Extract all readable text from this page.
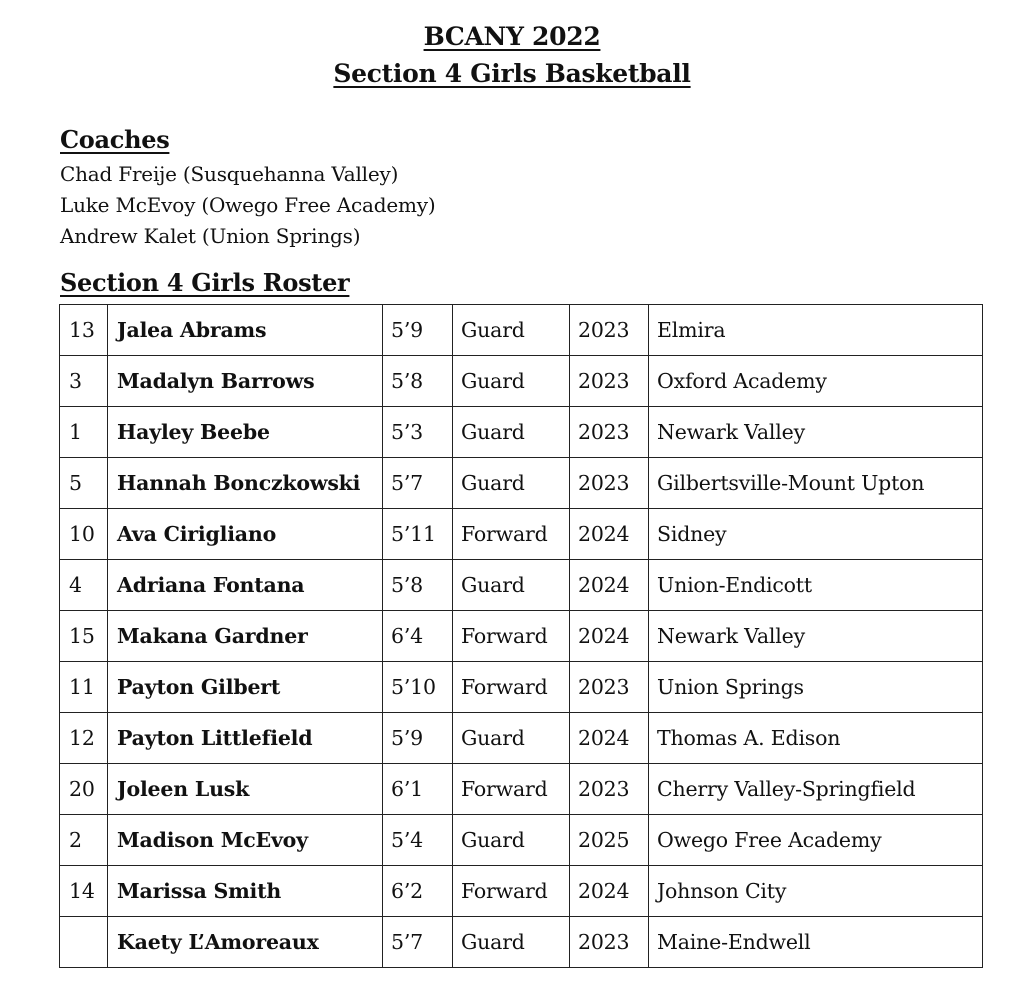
BCANY 2022
Section 4 Girls Basketball
Coaches
Chad Freije (Susquehanna Valley)
Luke McEvoy (Owego Free Academy)
Andrew Kalet (Union Springs)
Section 4 Girls Roster
13	Jalea Abrams	5’9	Guard	2023	Elmira
3	Madalyn Barrows	5’8	Guard	2023	Oxford Academy
1	Hayley Beebe	5’3	Guard	2023	Newark Valley
5	Hannah Bonczkowski	5’7	Guard	2023	Gilbertsville-Mount Upton
10	Ava Cirigliano	5’11	Forward	2024	Sidney
4	Adriana Fontana	5’8	Guard	2024	Union-Endicott
15	Makana Gardner	6’4	Forward	2024	Newark Valley
11	Payton Gilbert	5’10	Forward	2023	Union Springs
12	Payton Littlefield	5’9	Guard	2024	Thomas A. Edison
20	Joleen Lusk	6’1	Forward	2023	Cherry Valley-Springfield
2	Madison McEvoy	5’4	Guard	2025	Owego Free Academy
14	Marissa Smith	6’2	Forward	2024	Johnson City
	Kaety L’Amoreaux	5’7	Guard	2023	Maine-Endwell
